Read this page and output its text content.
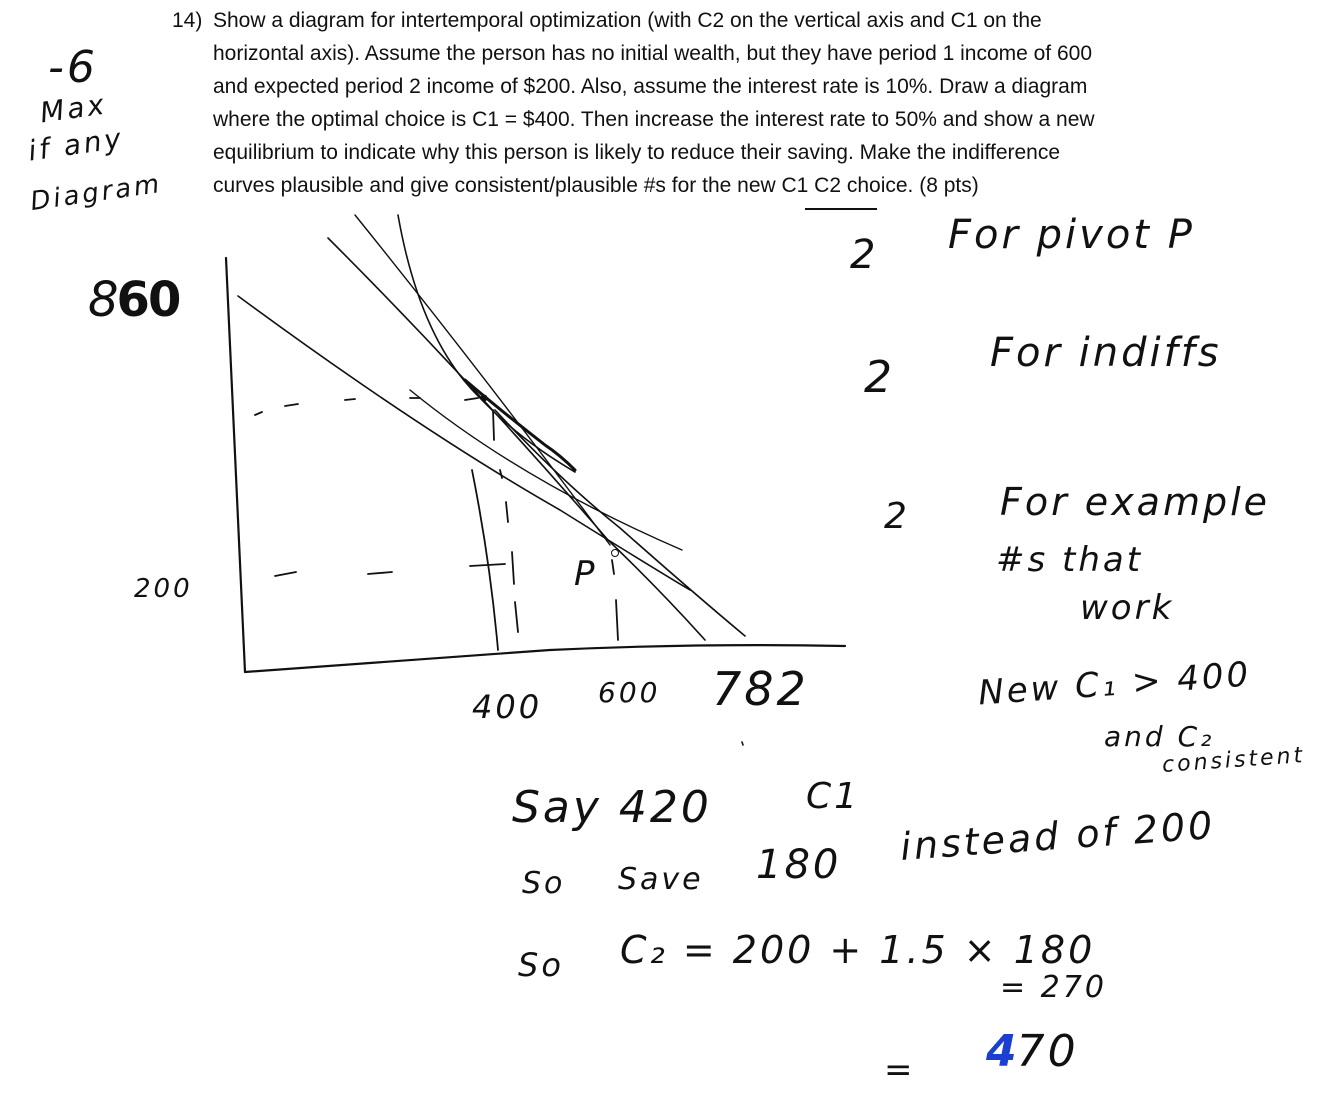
14) Show a diagram for intertemporal optimization (with C2 on the vertical axis and C1 on the
horizontal axis). Assume the person has no initial wealth, but they have period 1 income of 600
and expected period 2 income of $200. Also, assume the interest rate is 10%. Draw a diagram
where the optimal choice is C1 = $400. Then increase the interest rate to 50% and show a new
equilibrium to indicate why this person is likely to reduce their saving. Make the indifference
curves plausible and give consistent/plausible #s for the new C1 C2 choice. (8 pts)
-6
Max
if any
Diagram
2 For pivot P
2 For indiffs
2 For example
#s that
work
860
200
400 600 782
P
New C₁ > 400
and C₂
consistent
Say 420	C1
So Save 180 instead of 200
So C₂ = 200 + 1.5 × 180
= 270
= 470
